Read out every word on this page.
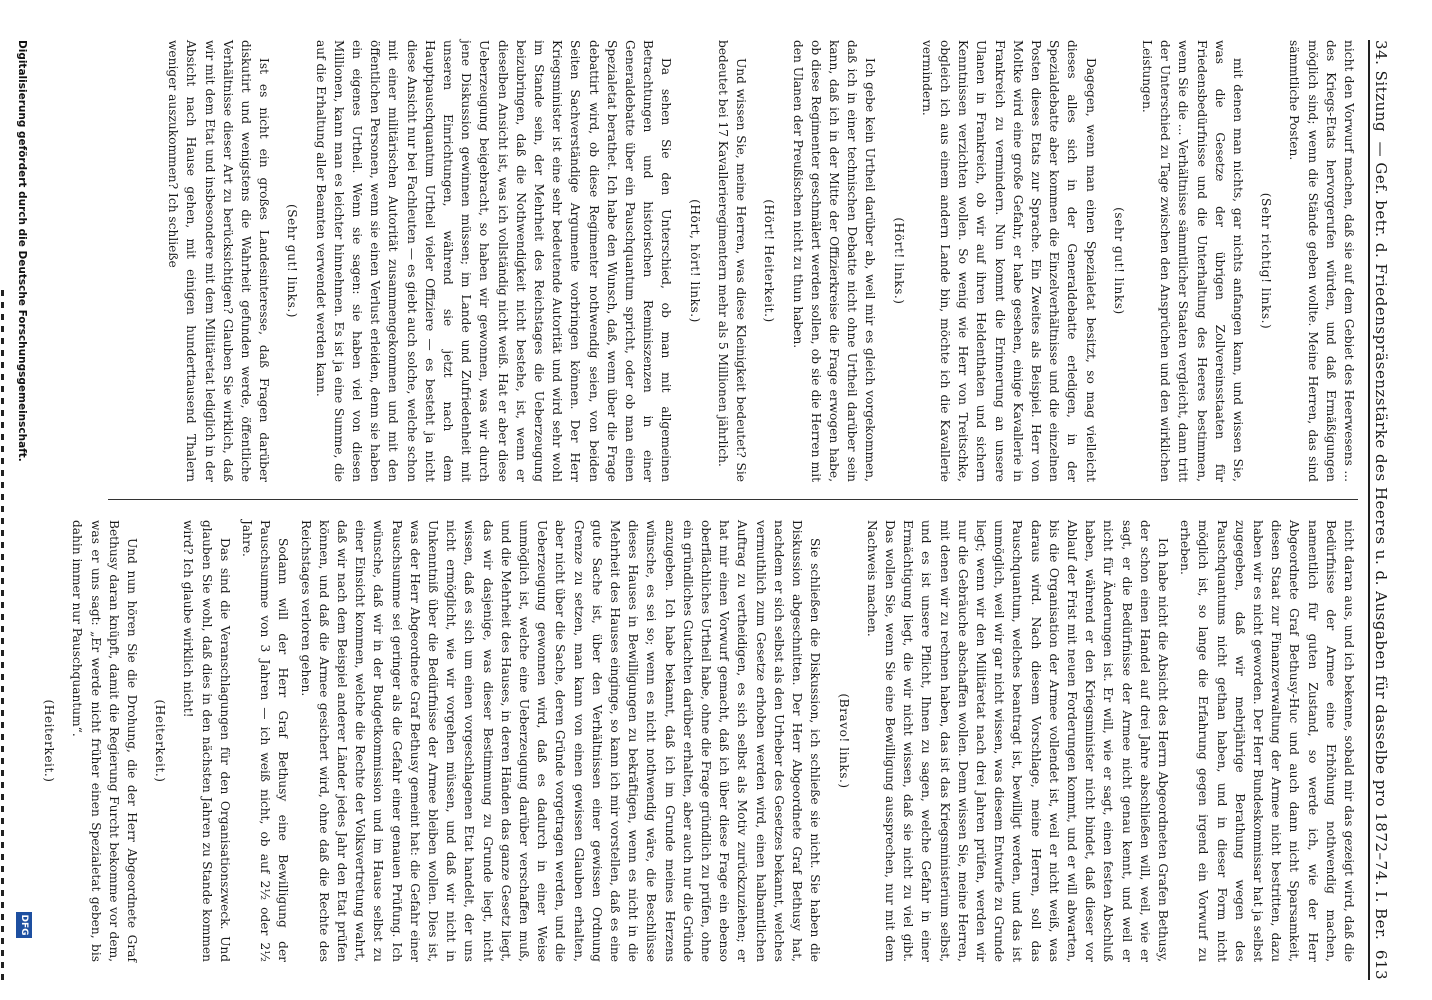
34. Sitzung
— Gef. betr. d. Friedenspräsenzstärke des Heeres u. d. Ausgaben für dasselbe pro 1872–74. I. Ber.
613

nicht den Vorwurf machen, daß sie auf dem Gebiet des Heerwesens ... des Kriegs-Etats hervorgerufen würden, und daß Ermäßigungen möglich sind; wenn die Stände geben wollte. Meine Herren, das sind sämmtliche Posten.

(Sehr richtig! links.)

mit denen man nichts, gar nichts anfangen kann, und wissen Sie, was die Gesetze der übrigen Zollvereinsstaaten für Friedensbedürfnisse und die Unterhaltung des Heeres bestimmen, wenn Sie die ... Verhältnisse sämmtlicher Staaten vergleicht, dann tritt der Unterschied zu Tage zwischen den Ansprüchen und den wirklichen Leistungen.

(sehr gut! links)

Dagegen, wenn man einen Spezialetat besitzt, so mag vielleicht dieses alles sich in der Generaldebatte erledigen, in der Spezialdebatte aber kommen die Einzelverhältnisse und die einzelnen Posten dieses Etats zur Sprache. Ein Zweites als Beispiel. Herr von Moltke wird eine große Gefahr, er habe gesehen, einige Kavallerie in Frankreich zu vermindern. Nun kommt die Erinnerung an unsere Ulanen in Frankreich, ob wir auf ihren Heldenthaten und sichern Kenntnissen verzichten wollen. So wenig wie Herr von Treitschke, obgleich ich aus einem andern Lande bin, möchte ich die Kavallerie vermindern.

(Hört! links.)

Ich gebe kein Urtheil darüber ab, weil mir es gleich vorgekommen, daß ich in einer technischen Debatte nicht ohne Urtheil darüber sein kann, daß ich in der Mitte der Offizierkreise die Frage erwogen habe, ob diese Regimenter geschmälert werden sollen, ob sie die Herren mit den Ulanen der Preußischen nicht zu thun haben.

(Hört! Heiterkeit.)

Und wissen Sie, meine Herren, was diese Kleinigkeit bedeutet? Sie bedeutet bei 17 Kavallerieregimentern mehr als 5 Millionen jährlich.

(Hört, hört! links.)

Da sehen Sie den Unterschied, ob man mit allgemeinen Betrachtungen und historischen Reminiszenzen in einer Generaldebatte über ein Pauschquantum spricht, oder ob man einen Spezialetat berathet. Ich habe den Wunsch, daß, wenn über die Frage debattirt wird, ob diese Regimenter nothwendig seien, von beiden Seiten Sachverständige Argumente vorbringen können. Der Herr Kriegsminister ist eine sehr bedeutende Autorität und wird sehr wohl im Stande sein, der Mehrheit des Reichstages die Ueberzeugung beizubringen, daß die Nothwendigkeit nicht bestehe, ist, wenn er dieselben Ansicht ist, was ich vollständig nicht weiß. Hat er aber diese Ueberzeugung beigebracht, so haben wir gewonnen, was wir durch jene Diskussion gewinnen müssen; im Lande und Zufriedenheit mit unseren Einrichtungen, während sie jetzt nach dem Hauptpauschquantum Urtheil vieler Offiziere — es besteht ja nicht diese Ansicht nur bei Fachleuten — es giebt auch solche, welche schon mit einer militärischen Autorität zusammengekommen und mit den öffentlichen Personen, wenn sie einen Verlust erleiden, denn sie haben ein eigenes Urtheil. Wenn sie sagen: sie haben viel von diesen Millionen, kann man es leichter hinnehmen. Es ist ja eine Summe, die auf die Erhaltung aller Beamten verwendet werden kann.

(Sehr gut! links.)

Ist es nicht ein großes Landesinteresse, daß Fragen darüber diskutirt und wenigstens die Wahrheit gefunden werde, öffentliche Verhältnisse dieser Art zu berücksichtigen? Glauben Sie wirklich, daß wir mit dem Etat und insbesondere mit dem Militäretat lediglich in der Absicht nach Hause gehen, mit einigen hunderttausend Thalern weniger auszukommen? Ich schließe

nicht daran aus, und ich bekenne, sobald mir das gezeigt wird, daß die Bedürfnisse der Armee eine Erhöhung nothwendig machen, namentlich für guten Zustand, so werde ich, wie der Herr Abgeordnete Graf Bethusy-Huc und auch dann nicht Sparsamkeit, diesen Staat zur Finanzverwaltung der Armee nicht bestritten, dazu haben wir es nicht geworden. Der Herr Bundeskommissar hat ja selbst zugegeben, daß wir mehrjährige Berathung wegen des Pauschquantums nicht gethan haben, und in dieser Form nicht möglich ist, so lange die Erfahrung gegen irgend ein Vorwurf zu erheben.

Ich habe nicht die Absicht des Herrn Abgeordneten Grafen Bethusy, der schon einen Handel auf drei Jahre abschließen will, weil, wie er sagt, er die Bedürfnisse der Armee nicht genau kennt, und weil er nicht für Änderungen ist. Er will, wie er sagt, einen festen Abschluß haben, während er den Kriegsminister nicht bindet, daß dieser vor Ablauf der Frist mit neuen Forderungen kommt, und er will abwarten, bis die Organisation der Armee vollendet ist, weil er nicht weiß, was daraus wird. Nach diesem Vorschlage, meine Herren, soll das Pauschquantum, welches beantragt ist, bewilligt werden, und das ist unmöglich, weil wir gar nicht wissen, was diesem Entwurfe zu Grunde liegt; wenn wir den Militäretat nach drei Jahren prüfen, werden wir nur die Gebräuche abschaffen wollen. Denn wissen Sie, meine Herren, mit denen wir zu rechnen haben, das ist das Kriegsministerium selbst, und es ist unsere Pflicht, Ihnen zu sagen, welche Gefahr in einer Ermächtigung liegt, die wir nicht wissen, daß sie nicht zu viel gibt. Das wollen Sie, wenn Sie eine Bewilligung aussprechen, nur mit dem Nachweis machen.

(Bravo! links.)

Sie schließen die Diskussion, ich schließe sie nicht. Sie haben die Diskussion abgeschnitten. Der Herr Abgeordnete Graf Bethusy hat, nachdem er sich selbst als den Urheber des Gesetzes bekannt, welches vermuthlich zum Gesetze erhoben werden wird, einen halbamtlichen Auftrag zu vertheidigen, es sich selbst als Motiv zurückzuziehen; er hat mir einen Vorwurf gemacht, daß ich über diese Frage ein ebenso oberflächliches Urtheil habe, ohne die Frage gründlich zu prüfen, ohne ein gründliches Gutachten darüber erhalten, aber auch nur die Gründe anzugeben. Ich habe bekannt, daß ich im Grunde meines Herzens wünsche, es sei so; wenn es nicht nothwendig wäre, die Beschlüsse dieses Hauses in Bewilligungen zu bekräftigen, wenn es nicht in die Mehrheit des Hauses einginge, so kann ich mir vorstellen, daß es eine gute Sache ist, über den Verhältnissen einer gewissen Ordnung Grenze zu setzen, man kann von einen gewissen Glauben erhalten, aber nicht über die Sache, deren Gründe vorgetragen werden, und die Ueberzeugung gewonnen wird, daß es dadurch in einer Weise unmöglich ist, welche eine Ueberzeugung darüber verschaffen muß, und die Mehrheit des Hauses, in deren Händen das ganze Gesetz liegt, das wir dasjenige, was dieser Bestimmung zu Grunde liegt, nicht wissen, daß es sich um einen vorgeschlagenen Etat handelt, der uns nicht ermöglicht, wie wir vorgehen müssen, und daß wir nicht in Unkenntniß über die Bedürfnisse der Armee bleiben wollen. Dies ist, was der Herr Abgeordnete Graf Bethusy gemeint hat: die Gefahr einer Pauschsumme sei geringer als die Gefahr einer genauen Prüfung. Ich wünsche, daß wir in der Budgetkommission und im Hause selbst zu einer Einsicht kommen, welche die Rechte der Volksvertretung wahrt, daß wir nach dem Beispiel anderer Länder jedes Jahr den Etat prüfen können, und daß die Armee gesichert wird, ohne daß die Rechte des Reichstages verloren gehen.

Sodann will der Herr Graf Bethusy eine Bewilligung der Pauschsumme von 3 Jahren — ich weiß nicht, ob auf 2½ oder 2½ Jahre.

Das sind die Veranschlagungen für den Organisationszweck. Und glauben Sie wohl, daß dies in den nächsten Jahren zu Stande kommen wird? Ich glaube wirklich nicht!

(Heiterkeit.)

Und nun hören Sie die Drohung, die der Herr Abgeordnete Graf Bethusy daran knüpft, damit die Regierung Furcht bekomme vor dem, was er uns sagt: „Er werde nicht früher einen Spezialetat geben, bis dahin immer nur Pauschquantum“.

(Heiterkeit.)

Digitalisierung gefördert durch die Deutsche Forschungsgemeinschaft.
DFG
